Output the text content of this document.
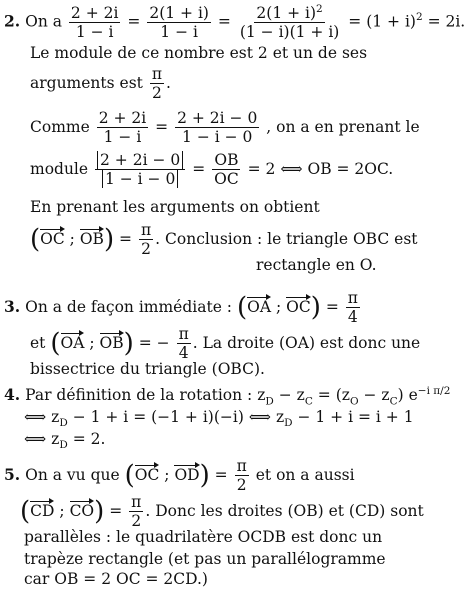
2. On a $\frac{2 + 2i}{1 - i} = \frac{2(1 + i)}{1 - i} = \frac{2(1 + i)^2}{(1 - i)(1 + i)} = (1 + i)^2 = 2i$.
Le module de ce nombre est 2 et un de ses
arguments est $\frac{\pi}{2}$ .
Comme $\frac{2 + 2i}{1 - i} = \frac{2 + 2i - 0}{1 - i - 0}$ , on a en prenant le
module $\frac{2 + 2i - 0}{1 - i - 0} = \frac{OB}{OC} = 2$ ⟺ OB = 2OC.
En prenant les arguments on obtient
(OC ; $OB) = \frac{\pi}{2}$ . Conclusion : le triangle OBC est
rectangle en O.
3. On a de façon immédiate : (OA ; $OC) = \frac{\pi}{4}$
et (OA ; OB) = − $\frac{\pi}{4}$ . La droite (OA) est donc une
bissectrice du triangle (OBC).
4. Par définition de la rotation : $z_D - z_C = (z_O - z_C)$ $e^{-i \pi/2}$
⟺ $z_D - 1 + i = (-1 + i)(-i)$ ⟺ $z_D - 1 + i = i + 1$
⟺ $z_D = 2$.
5. On a vu que (OC ; $OD) = \frac{\pi}{2}$ et on a aussi
(CD ; $CO) = \frac{\pi}{2}$ . Donc les droites (OB) et (CD) sont
parallèles : le quadrilatère OCDB est donc un
trapèze rectangle (et pas un parallélogramme
car OB = 2 OC = 2CD.)
